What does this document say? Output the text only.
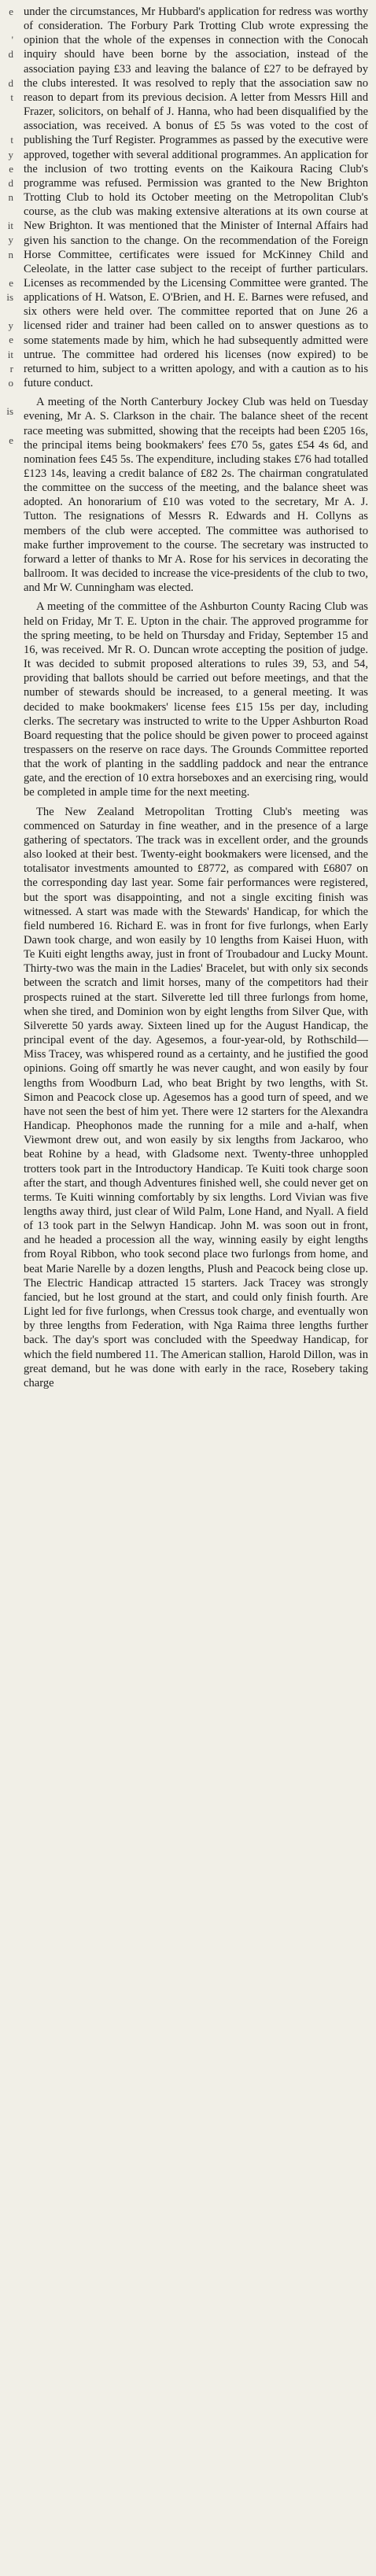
under the circumstances, Mr Hubbard's application for redress was worthy of consideration. The Forbury Park Trotting Club wrote expressing the opinion that the whole of the expenses in connection with the Conocah inquiry should have been borne by the association, instead of the association paying £33 and leaving the balance of £27 to be defrayed by the clubs interested. It was resolved to reply that the association saw no reason to depart from its previous decision. A letter from Messrs Hill and Frazer, solicitors, on behalf of J. Hanna, who had been disqualified by the association, was received. A bonus of £5 5s was voted to the cost of publishing the Turf Register. Programmes as passed by the executive were approved, together with several additional programmes. An application for the inclusion of two trotting events on the Kaikoura Racing Club's programme was refused. Permission was granted to the New Brighton Trotting Club to hold its October meeting on the Metropolitan Club's course, as the club was making extensive alterations at its own course at New Brighton. It was mentioned that the Minister of Internal Affairs had given his sanction to the change. On the recommendation of the Foreign Horse Committee, certificates were issued for McKinney Child and Celeolate, in the latter case subject to the receipt of further particulars. Licenses as recommended by the Licensing Committee were granted. The applications of H. Watson, E. O'Brien, and H. E. Barnes were refused, and six others were held over. The committee reported that on June 26 a licensed rider and trainer had been called on to answer questions as to some statements made by him, which he had subsequently admitted were untrue. The committee had ordered his licenses (now expired) to be returned to him, subject to a written apology, and with a caution as to his future conduct.

A meeting of the North Canterbury Jockey Club was held on Tuesday evening, Mr A. S. Clarkson in the chair. The balance sheet of the recent race meeting was submitted, showing that the receipts had been £205 16s, the principal items being bookmakers' fees £70 5s, gates £54 4s 6d, and nomination fees £45 5s. The expenditure, including stakes £76 had totalled £123 14s, leaving a credit balance of £82 2s. The chairman congratulated the committee on the success of the meeting, and the balance sheet was adopted. An honorarium of £10 was voted to the secretary, Mr A. J. Tutton. The resignations of Messrs R. Edwards and H. Collyns as members of the club were accepted. The committee was authorised to make further improvement to the course. The secretary was instructed to forward a letter of thanks to Mr A. Rose for his services in decorating the ballroom. It was decided to increase the vice-presidents of the club to two, and Mr W. Cunningham was elected.

A meeting of the committee of the Ashburton County Racing Club was held on Friday, Mr T. E. Upton in the chair. The approved programme for the spring meeting, to be held on Thursday and Friday, September 15 and 16, was received. Mr R. O. Duncan wrote accepting the position of judge. It was decided to submit proposed alterations to rules 39, 53, and 54, providing that ballots should be carried out before meetings, and that the number of stewards should be increased, to a general meeting. It was decided to make bookmakers' license fees £15 15s per day, including clerks. The secretary was instructed to write to the Upper Ashburton Road Board requesting that the police should be given power to proceed against trespassers on the reserve on race days. The Grounds Committee reported that the work of planting in the saddling paddock and near the entrance gate, and the erection of 10 extra horseboxes and an exercising ring, would be completed in ample time for the next meeting.

The New Zealand Metropolitan Trotting Club's meeting was commenced on Saturday in fine weather, and in the presence of a large gathering of spectators. The track was in excellent order, and the grounds also looked at their best. Twenty-eight bookmakers were licensed, and the totalisator investments amounted to £8772, as compared with £6807 on the corresponding day last year. Some fair performances were registered, but the sport was disappointing, and not a single exciting finish was witnessed. A start was made with the Stewards' Handicap, for which the field numbered 16. Richard E. was in front for five furlongs, when Early Dawn took charge, and won easily by 10 lengths from Kaisei Huon, with Te Kuiti eight lengths away, just in front of Troubadour and Lucky Mount. Thirty-two was the main in the Ladies' Bracelet, but with only six seconds between the scratch and limit horses, many of the competitors had their prospects ruined at the start. Silverette led till three furlongs from home, when she tired, and Dominion won by eight lengths from Silver Que, with Silverette 50 yards away. Sixteen lined up for the August Handicap, the principal event of the day. Agesemos, a four-year-old, by Rothschild—Miss Tracey, was whispered round as a certainty, and he justified the good opinions. Going off smartly he was never caught, and won easily by four lengths from Woodburn Lad, who beat Bright by two lengths, with St. Simon and Peacock close up. Agesemos has a good turn of speed, and we have not seen the best of him yet. There were 12 starters for the Alexandra Handicap. Pheophonos made the running for a mile and a-half, when Viewmont drew out, and won easily by six lengths from Jackaroo, who beat Rohine by a head, with Gladsome next. Twenty-three unhoppled trotters took part in the Introductory Handicap. Te Kuiti took charge soon after the start, and though Adventures finished well, she could never get on terms. Te Kuiti winning comfortably by six lengths. Lord Vivian was five lengths away third, just clear of Wild Palm, Lone Hand, and Nyall. A field of 13 took part in the Selwyn Handicap. John M. was soon out in front, and he headed a procession all the way, winning easily by eight lengths from Royal Ribbon, who took second place two furlongs from home, and beat Marie Narelle by a dozen lengths, Plush and Peacock being close up. The Electric Handicap attracted 15 starters. Jack Tracey was strongly fancied, but he lost ground at the start, and could only finish fourth. Are Light led for five furlongs, when Cressus took charge, and eventually won by three lengths from Federation, with Nga Raima three lengths further back. The day's sport was concluded with the Speedway Handicap, for which the field numbered 11. The American stallion, Harold Dillon, was in great demand, but he was done with early in the race, Rosebery taking charge

e
'
d
d
t
t
y
e
d
n
it
y
n
e
is
y
e
it
r
o
is
e
